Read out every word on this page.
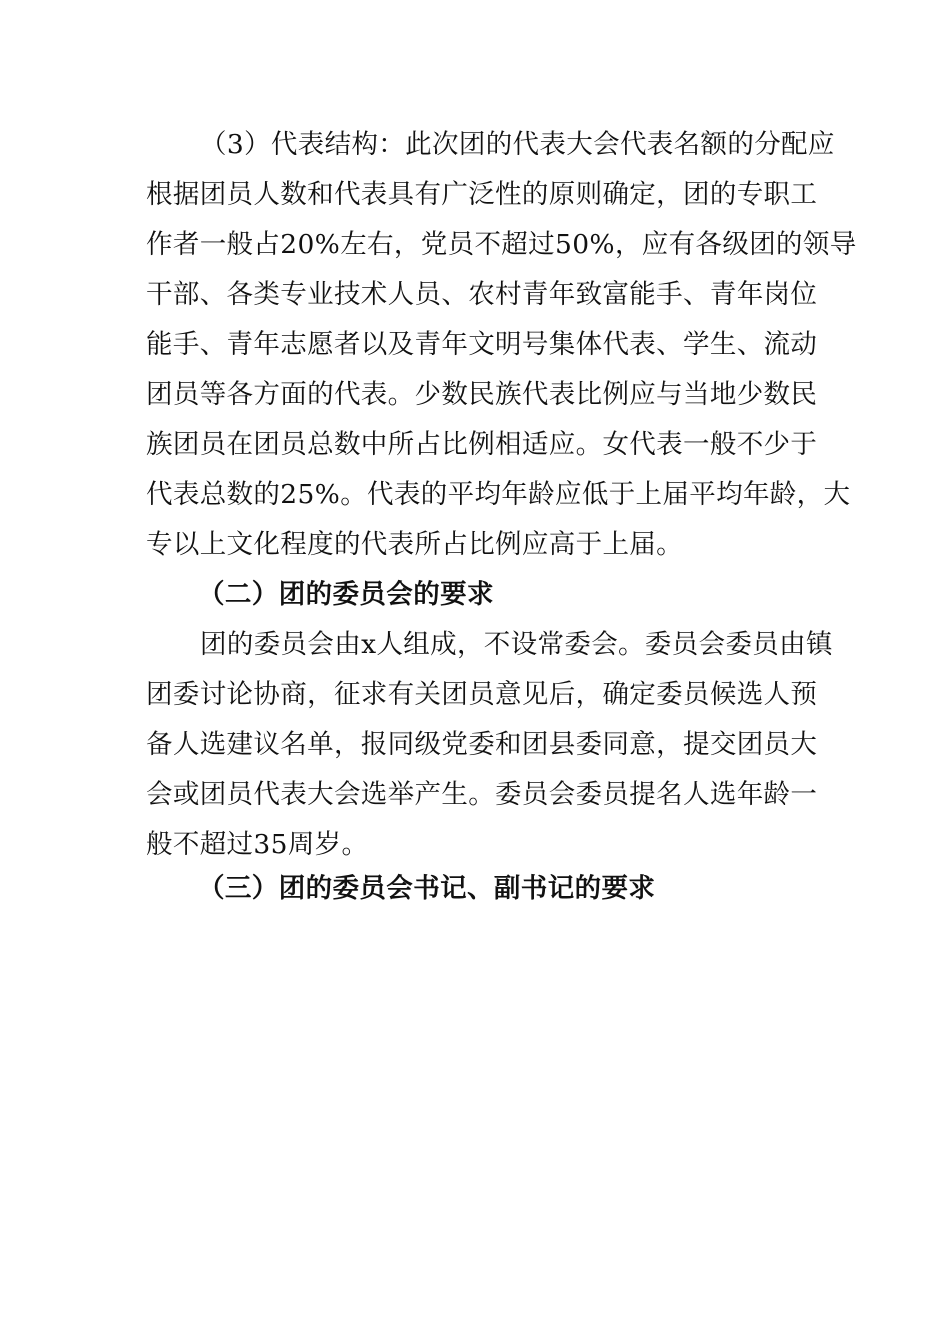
（3）代表结构：此次团的代表大会代表名额的分配应
根据团员人数和代表具有广泛性的原则确定，团的专职工
作者一般占20%左右，党员不超过50%，应有各级团的领导
干部、各类专业技术人员、农村青年致富能手、青年岗位
能手、青年志愿者以及青年文明号集体代表、学生、流动
团员等各方面的代表。少数民族代表比例应与当地少数民
族团员在团员总数中所占比例相适应。女代表一般不少于
代表总数的25%。代表的平均年龄应低于上届平均年龄，大
专以上文化程度的代表所占比例应高于上届。
（二）团的委员会的要求
团的委员会由x人组成，不设常委会。委员会委员由镇
团委讨论协商，征求有关团员意见后，确定委员候选人预
备人选建议名单，报同级党委和团县委同意，提交团员大
会或团员代表大会选举产生。委员会委员提名人选年龄一
般不超过35周岁。
（三）团的委员会书记、副书记的要求
